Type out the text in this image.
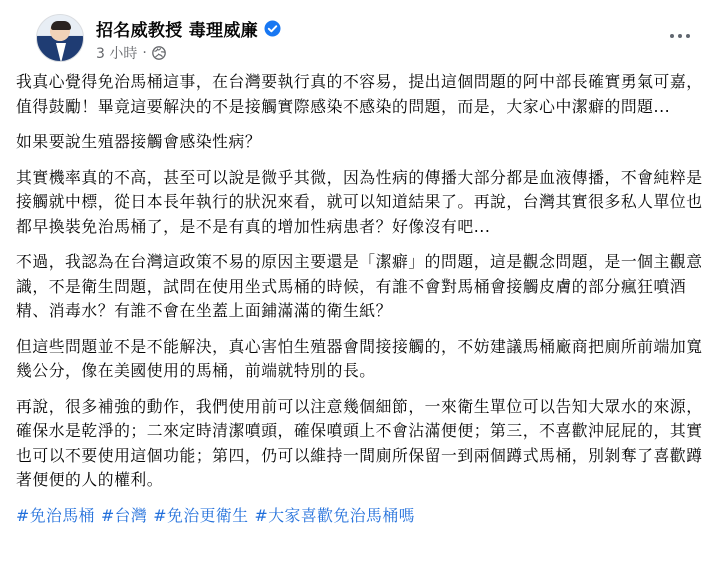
招名威教授 毒理威廉
3 小時 ·

我真心覺得免治馬桶這事，在台灣要執行真的不容易，提出這個問題的阿中部長確實勇氣可嘉，值得鼓勵！畢竟這要解決的不是接觸實際感染不感染的問題，而是，大家心中潔癖的問題...

如果要說生殖器接觸會感染性病？

其實機率真的不高，甚至可以說是微乎其微，因為性病的傳播大部分都是血液傳播，不會純粹是接觸就中標，從日本長年執行的狀況來看，就可以知道結果了。再說，台灣其實很多私人單位也都早換裝免治馬桶了，是不是有真的增加性病患者？好像沒有吧...

不過，我認為在台灣這政策不易的原因主要還是「潔癖」的問題，這是觀念問題，是一個主觀意識，不是衛生問題，試問在使用坐式馬桶的時候，有誰不會對馬桶會接觸皮膚的部分瘋狂噴酒精、消毒水？有誰不會在坐蓋上面鋪滿滿的衛生紙？

但這些問題並不是不能解決，真心害怕生殖器會間接接觸的，不妨建議馬桶廠商把廁所前端加寬幾公分，像在美國使用的馬桶，前端就特別的長。

再說，很多補強的動作，我們使用前可以注意幾個細節，一來衛生單位可以告知大眾水的來源，確保水是乾淨的；二來定時清潔噴頭，確保噴頭上不會沾滿便便；第三，不喜歡沖屁屁的，其實也可以不要使用這個功能；第四，仍可以維持一間廁所保留一到兩個蹲式馬桶，別剝奪了喜歡蹲著便便的人的權利。

#免治馬桶 #台灣 #免治更衛生 #大家喜歡免治馬桶嗎
